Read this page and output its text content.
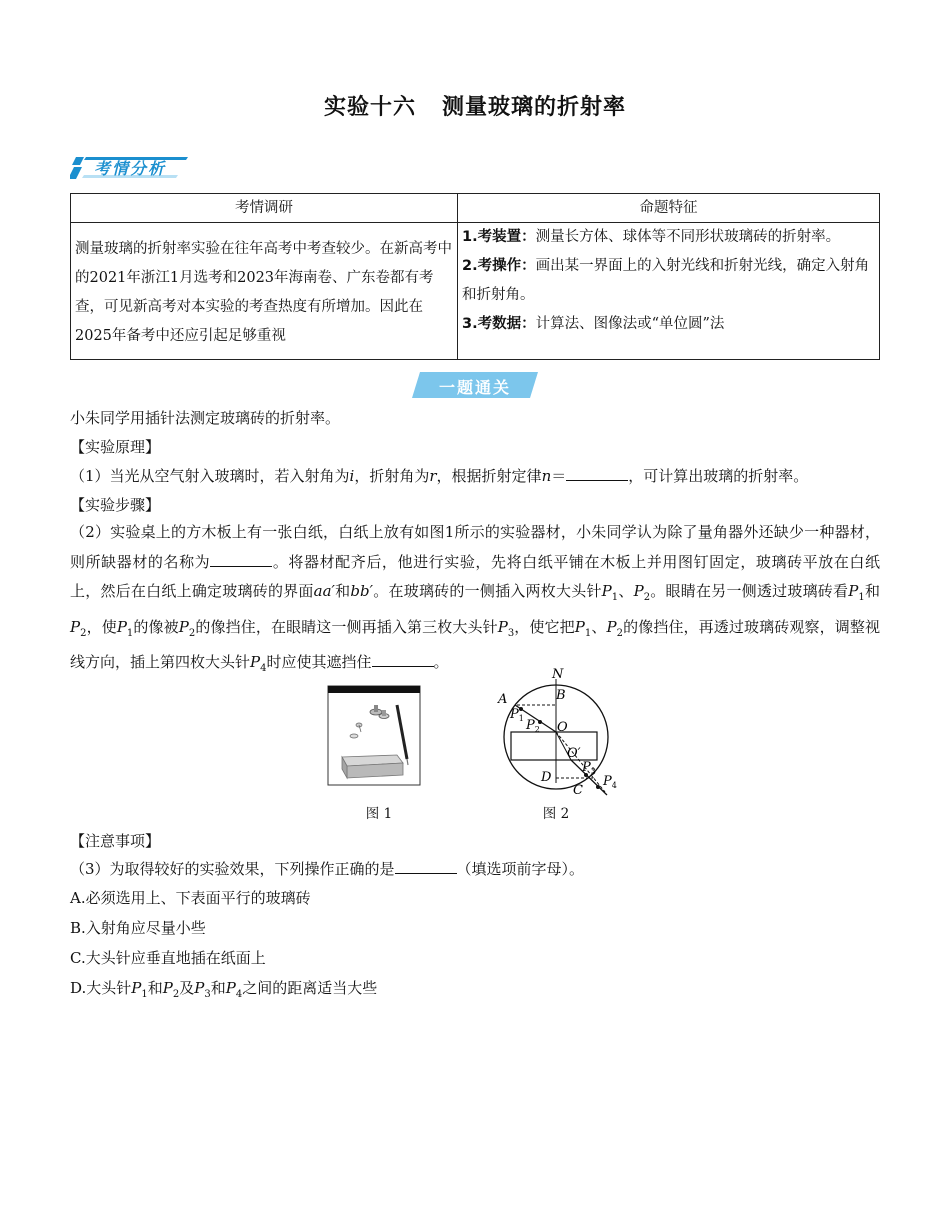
实验十六 测量玻璃的折射率
考情分析
考情调研	命题特征
测量玻璃的折射率实验在往年高考中考查较少。在新高考中的2021年浙江1月选考和2023年海南卷、广东卷都有考查，可见新高考对本实验的考查热度有所增加。因此在2025年备考中还应引起足够重视	1.考装置：测量长方体、球体等不同形状玻璃砖的折射率。
2.考操作：画出某一界面上的入射光线和折射光线，确定入射角和折射角。
3.考数据：计算法、图像法或“单位圆”法
一题通关
小朱同学用插针法测定玻璃砖的折射率。
【实验原理】
（1）当光从空气射入玻璃时，若入射角为i，折射角为r，根据折射定律n＝	，可计算出玻璃的折射率。
【实验步骤】
（2）实验桌上的方木板上有一张白纸，白纸上放有如图1所示的实验器材，小朱同学认为除了量角器外还缺少一种器材，则所缺器材的名称为	。将器材配齐后，他进行实验，先将白纸平铺在木板上并用图钉固定，玻璃砖平放在白纸上，然后在白纸上确定玻璃砖的界面aa′和bb′。在玻璃砖的一侧插入两枚大头针$P_1$、$P_2$。眼睛在另一侧透过玻璃砖看$P_1$和$P_2$，使$P_1$的像被$P_2$的像挡住，在眼睛这一侧再插入第三枚大头针$P_3$，使它把$P_1$、$P_2$的像挡住，再透过玻璃砖观察，调整视线方向，插上第四枚大头针$P_4$时应使其遮挡住	。
图 1
N
A	B
O
O′
D
C
$P_1$ $P_2$
$P_3$
$P_4$
图 2
【注意事项】
（3）为取得较好的实验效果，下列操作正确的是	（填选项前字母）。
A.必须选用上、下表面平行的玻璃砖
B.入射角应尽量小些
C.大头针应垂直地插在纸面上
D.大头针$P_1$和$P_2$及$P_3$和$P_4$之间的距离适当大些
